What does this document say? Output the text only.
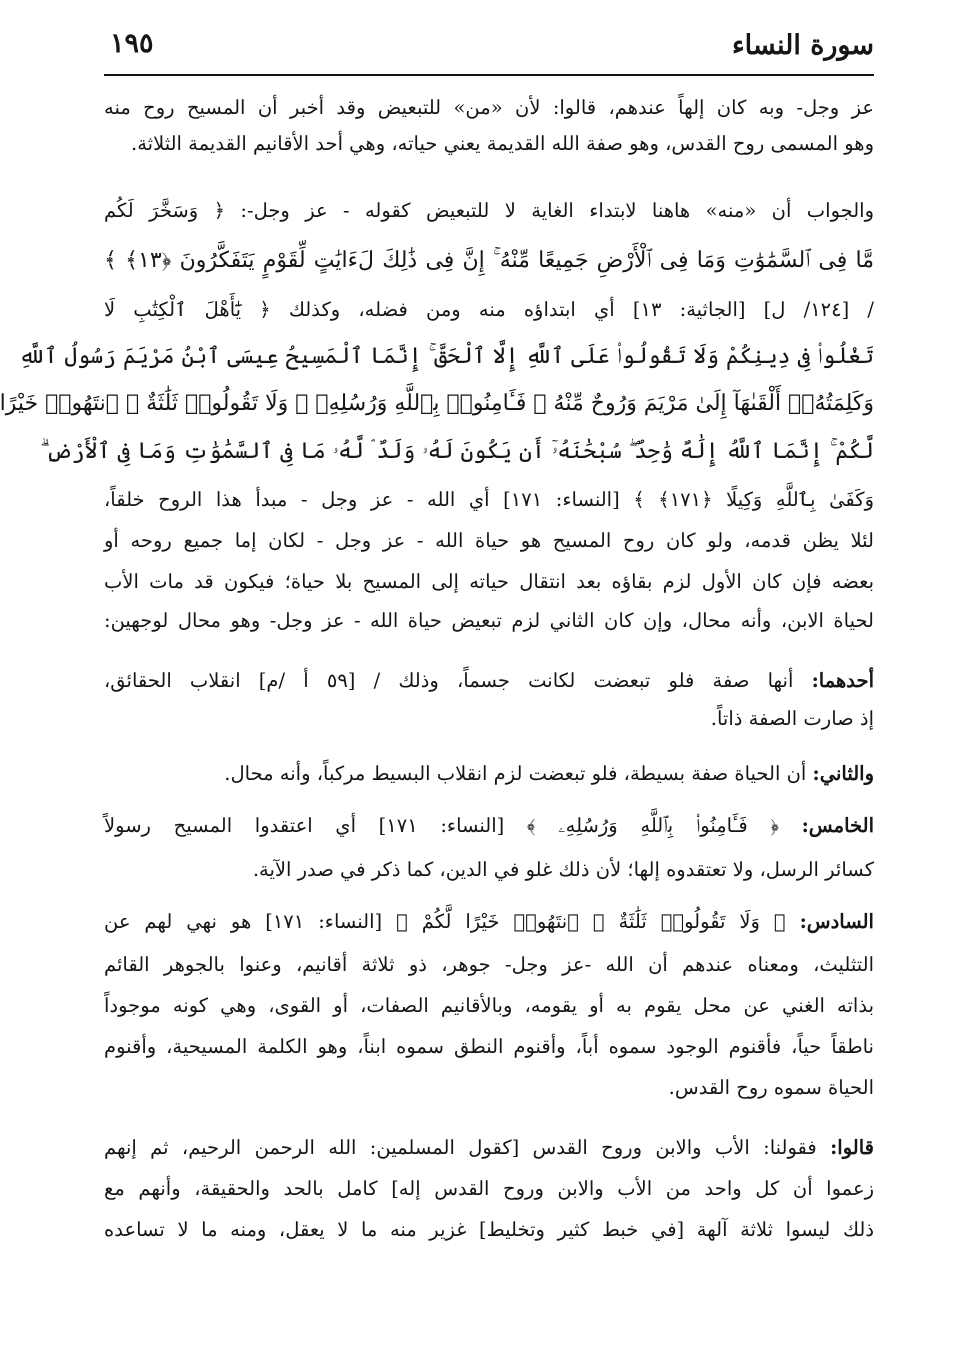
سورة النساء
١٩٥
عز وجل- وبه كان إلهاً عندهم، قالوا: لأن «من» للتبعيض وقد أخبر أن المسيح روح منه
وهو المسمى روح القدس، وهو صفة الله القديمة يعني حياته، وهي أحد الأقانيم القديمة الثلاثة.
والجواب أن «منه» هاهنا لابتداء الغاية لا للتبعيض كقوله - عز وجل-: ﴿ وَسَخَّرَ لَكُم
مَّا فِى ٱلسَّمَٰوَٰتِ وَمَا فِى ٱلْأَرْضِ جَمِيعًا مِّنْهُ ۚ إِنَّ فِى ذَٰلِكَ لَءَايَٰتٍ لِّقَوْمٍ يَتَفَكَّرُونَ ﴿١٣﴾ ﴾
/ [١٢٤/ ل] [الجاثية: ١٣] أي ابتداؤه منه ومن فضله، وكذلك ﴿ يَٰٓأَهْلَ ٱلْكِتَٰبِ لَا
تَغْلُوا۟ فِى دِينِكُمْ وَلَا تَقُولُوا۟ عَلَى ٱللَّهِ إِلَّا ٱلْحَقَّ ۚ إِنَّمَا ٱلْمَسِيحُ عِيسَى ٱبْنُ مَرْيَمَ رَسُولُ ٱللَّهِ
وَكَلِمَتُهُۥٓ أَلْقَىٰهَآ إِلَىٰ مَرْيَمَ وَرُوحٌ مِّنْهُ ۖ فَـَٔامِنُوا۟ بِٱللَّهِ وَرُسُلِهِۦ ۖ وَلَا تَقُولُوا۟ ثَلَٰثَةٌ ۚ ٱنتَهُوا۟ خَيْرًا
لَّكُمْ ۚ إِنَّمَا ٱللَّهُ إِلَٰهٌ وَٰحِدٌ ۖ سُبْحَٰنَهُۥٓ أَن يَكُونَ لَهُۥ وَلَدٌ ۘ لَّهُۥ مَا فِى ٱلسَّمَٰوَٰتِ وَمَا فِى ٱلْأَرْضِ ۗ
وَكَفَىٰ بِٱللَّهِ وَكِيلًا ﴿١٧١﴾ ﴾ [النساء: ١٧١] أي الله - عز وجل - مبدأ هذا الروح خلقاً،
لئلا يظن قدمه، ولو كان روح المسيح هو حياة الله - عز وجل - لكان إما جميع روحه أو
بعضه فإن كان الأول لزم بقاؤه بعد انتقال حياته إلى المسيح بلا حياة؛ فيكون قد مات الأب
لحياة الابن، وأنه محال، وإن كان الثاني لزم تبعيض حياة الله - عز وجل- وهو محال لوجهين:
أحدهما: أنها صفة فلو تبعضت لكانت جسماً، وذلك / [٥٩ أ /م] انقلاب الحقائق،
إذ صارت الصفة ذاتاً.
والثاني: أن الحياة صفة بسيطة، فلو تبعضت لزم انقلاب البسيط مركباً، وأنه محال.
الخامس: ﴿ فَـَٔامِنُوا۟ بِٱللَّهِ وَرُسُلِهِۦ ﴾ [النساء: ١٧١] أي اعتقدوا المسيح رسولاً
كسائر الرسل، ولا تعتقدوه إلها؛ لأن ذلك غلو في الدين، كما ذكر في صدر الآية.
السادس: ﴿ وَلَا تَقُولُوا۟ ثَلَٰثَةٌ ۚ ٱنتَهُوا۟ خَيْرًا لَّكُمْ ﴾ [النساء: ١٧١] هو نهي لهم عن
التثليث، ومعناه عندهم أن الله -عز وجل- جوهر، ذو ثلاثة أقانيم، وعنوا بالجوهر القائم
بذاته الغني عن محل يقوم به أو يقومه، وبالأقانيم الصفات، أو القوى، وهي كونه موجوداً
ناطقاً حياً، فأقنوم الوجود سموه أباً، وأقنوم النطق سموه ابناً، وهو الكلمة المسيحية، وأقنوم
الحياة سموه روح القدس.
قالوا: فقولنا: الأب والابن وروح القدس [كقول المسلمين: الله الرحمن الرحيم، ثم إنهم
زعموا أن كل واحد من الأب والابن وروح القدس إله] كامل بالحد والحقيقة، وأنهم مع
ذلك ليسوا ثلاثة آلهة [في خبط كثير وتخليط] غزير منه ما لا يعقل، ومنه ما لا تساعده
